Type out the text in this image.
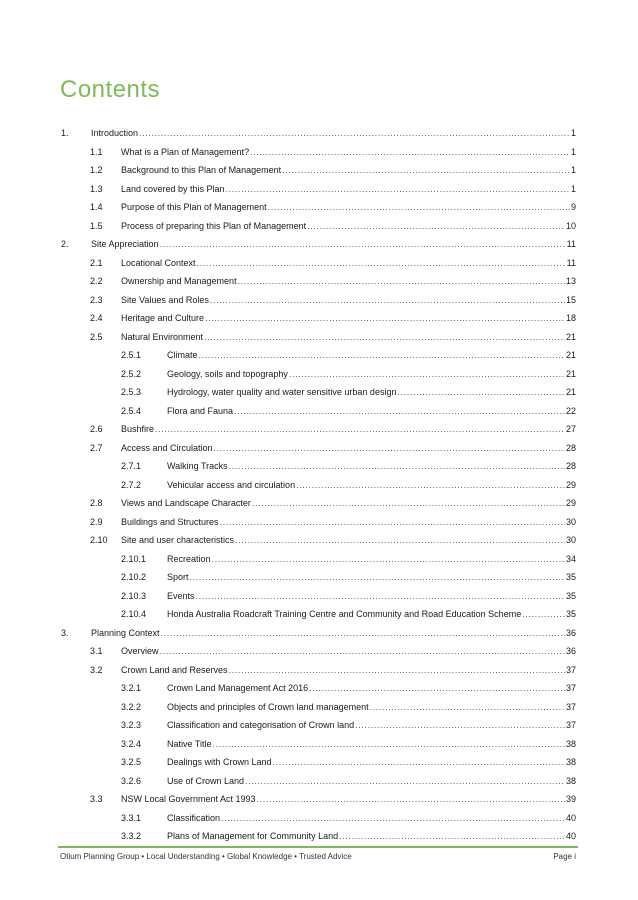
Contents
1. Introduction .....	1
1.1 What is a Plan of Management? .....	1
1.2 Background to this Plan of Management .....	1
1.3 Land covered by this Plan .....	1
1.4 Purpose of this Plan of Management .....	9
1.5 Process of preparing this Plan of Management .....	10
2. Site Appreciation .....	11
2.1 Locational Context .....	11
2.2 Ownership and Management .....	13
2.3 Site Values and Roles .....	15
2.4 Heritage and Culture .....	18
2.5 Natural Environment .....	21
2.5.1	Climate .....	21
2.5.2	Geology, soils and topography .....	21
2.5.3	Hydrology, water quality and water sensitive urban design .....	21
2.5.4	Flora and Fauna .....	22
2.6 Bushfire .....	27
2.7 Access and Circulation .....	28
2.7.1	Walking Tracks .....	28
2.7.2	Vehicular access and circulation .....	29
2.8 Views and Landscape Character .....	29
2.9 Buildings and Structures .....	30
2.10 Site and user characteristics .....	30
2.10.1 Recreation .....	34
2.10.2 Sport .....	35
2.10.3 Events .....	35
2.10.4 Honda Australia Roadcraft Training Centre and Community and Road Education Scheme .....	35
3. Planning Context .....	36
3.1 Overview .....	36
3.2 Crown Land and Reserves .....	37
3.2.1	Crown Land Management Act 2016 .....	37
3.2.2	Objects and principles of Crown land management .....	37
3.2.3	Classification and categorisation of Crown land .....	37
3.2.4	Native Title .....	38
3.2.5	Dealings with Crown Land .....	38
3.2.6	Use of Crown Land .....	38
3.3 NSW Local Government Act 1993 .....	39
3.3.1	Classification .....	40
3.3.2	Plans of Management for Community Land .....	40
Otium Planning Group • Local Understanding • Global Knowledge • Trusted Advice	Page i
